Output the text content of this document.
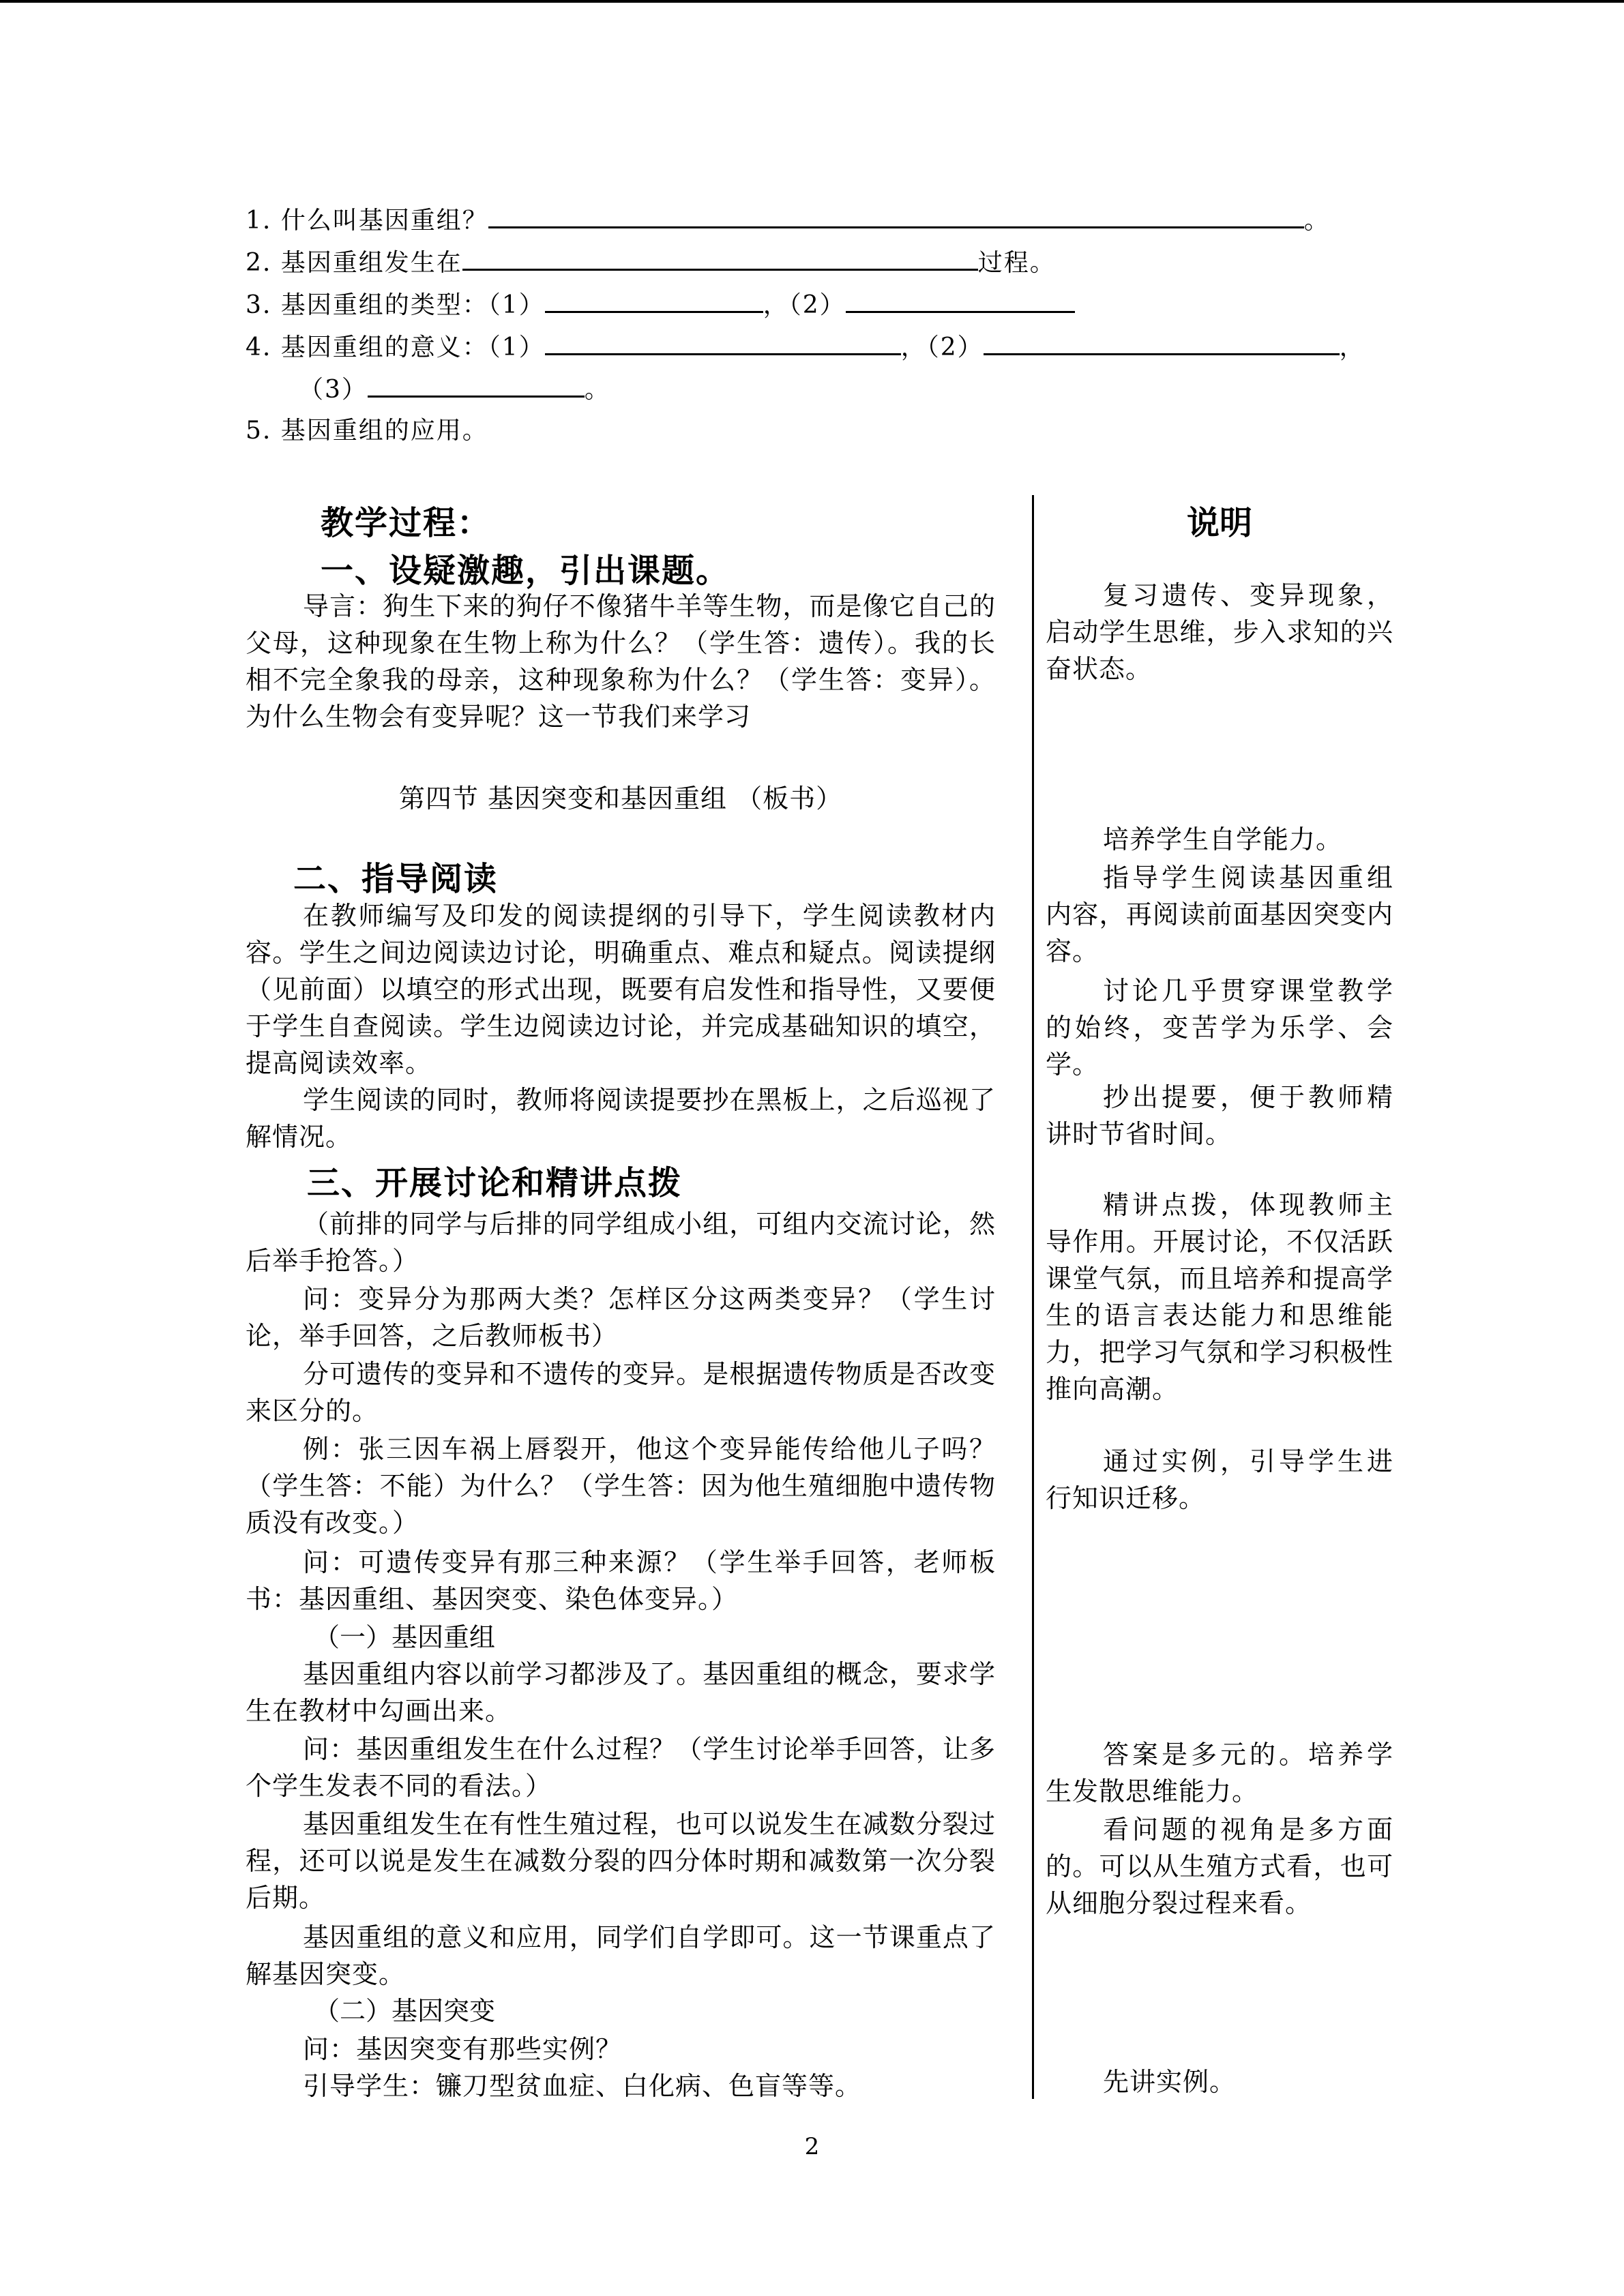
1. 什么叫基因重组？	。
2. 基因重组发生在	过程。
3. 基因重组的类型：（1）	，（2）
4. 基因重组的意义：（1）	，（2）	，
（3）	。
5. 基因重组的应用。
教学过程：
一、设疑激趣，引出课题。
导言：狗生下来的狗仔不像猪牛羊等生物，而是像它自己的父母，这种现象在生物上称为什么？（学生答：遗传）。我的长相不完全象我的母亲，这种现象称为什么？（学生答：变异）。为什么生物会有变异呢？这一节我们来学习
第四节 基因突变和基因重组 （板书）
二、指导阅读
在教师编写及印发的阅读提纲的引导下，学生阅读教材内容。学生之间边阅读边讨论，明确重点、难点和疑点。阅读提纲（见前面）以填空的形式出现，既要有启发性和指导性，又要便于学生自查阅读。学生边阅读边讨论，并完成基础知识的填空，提高阅读效率。
学生阅读的同时，教师将阅读提要抄在黑板上，之后巡视了解情况。
三、开展讨论和精讲点拨
（前排的同学与后排的同学组成小组，可组内交流讨论，然后举手抢答。）
问：变异分为那两大类？怎样区分这两类变异？（学生讨论，举手回答，之后教师板书）
分可遗传的变异和不遗传的变异。是根据遗传物质是否改变来区分的。
例：张三因车祸上唇裂开，他这个变异能传给他儿子吗？（学生答：不能）为什么？（学生答：因为他生殖细胞中遗传物质没有改变。）
问：可遗传变异有那三种来源？（学生举手回答，老师板书：基因重组、基因突变、染色体变异。）
（一）基因重组
基因重组内容以前学习都涉及了。基因重组的概念，要求学生在教材中勾画出来。
问：基因重组发生在什么过程？（学生讨论举手回答，让多个学生发表不同的看法。）
基因重组发生在有性生殖过程，也可以说发生在减数分裂过程，还可以说是发生在减数分裂的四分体时期和减数第一次分裂后期。
基因重组的意义和应用，同学们自学即可。这一节课重点了解基因突变。
（二）基因突变
问：基因突变有那些实例？
引导学生：镰刀型贫血症、白化病、色盲等等。
说明
复习遗传、变异现象，启动学生思维，步入求知的兴奋状态。
培养学生自学能力。
指导学生阅读基因重组内容，再阅读前面基因突变内容。
讨论几乎贯穿课堂教学的始终，变苦学为乐学、会学。
抄出提要，便于教师精讲时节省时间。
精讲点拨，体现教师主导作用。开展讨论，不仅活跃课堂气氛，而且培养和提高学生的语言表达能力和思维能力，把学习气氛和学习积极性推向高潮。
通过实例，引导学生进行知识迁移。
答案是多元的。培养学生发散思维能力。
看问题的视角是多方面的。可以从生殖方式看，也可从细胞分裂过程来看。
先讲实例。
2
